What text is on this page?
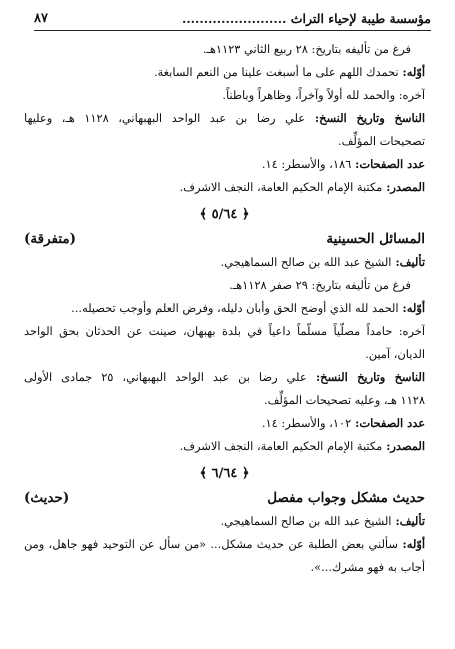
مؤسسة طيبة لإحياء التراث ........................
٨٧
فرغ من تأليفه بتاريخ: ٢٨ ربيع الثاني ١١٢٣هـ.
أوّله: نحمدك اللهم على ما أسبغت علينا من النعم السابغة.
آخره: والحمد لله أولاً وآخراً، وظاهراً وباطناً.
الناسخ وتاريخ النسخ: علي رضا بن عبد الواحد البهبهاني، ١١٢٨ هـ، وعليها
تصحيحات المؤلِّف.
عدد الصفحات: ١٨٦، والأسطر: ١٤.
المصدر: مكتبة الإمام الحكيم العامة، النجف الاشرف.
﴿ ٥/٦٤ ﴾
المسائل الحسينية
(متفرقة)
تأليف: الشيخ عبد الله بن صالح السماهيجي.
فرغ من تأليفه بتاريخ: ٢٩ صفر ١١٢٨هـ.
أوّله: الحمد لله الذي أوضح الحق وأبان دليله، وفرض العلم وأوجب تحصيله...
آخره: حامداً مصلّياً مسلّماً داعياً في بلدة بهبهان، صينت عن الحدثان بحق الواحد
الديان، آمين.
الناسخ وتاريخ النسخ: علي رضا بن عبد الواحد البهبهاني، ٢٥ جمادى الأولى
١١٢٨ هـ، وعليه تصحيحات المؤلِّف.
عدد الصفحات: ١٠٢، والأسطر: ١٤.
المصدر: مكتبة الإمام الحكيم العامة، النجف الاشرف.
﴿ ٦/٦٤ ﴾
حديث مشكل وجواب مفصل
(حديث)
تأليف: الشيخ عبد الله بن صالح السماهيجي.
أوّله: سألني بعض الطلبة عن حديث مشكل... «من سأل عن التوحيد فهو جاهل، ومن
أجاب به فهو مشرك...».
